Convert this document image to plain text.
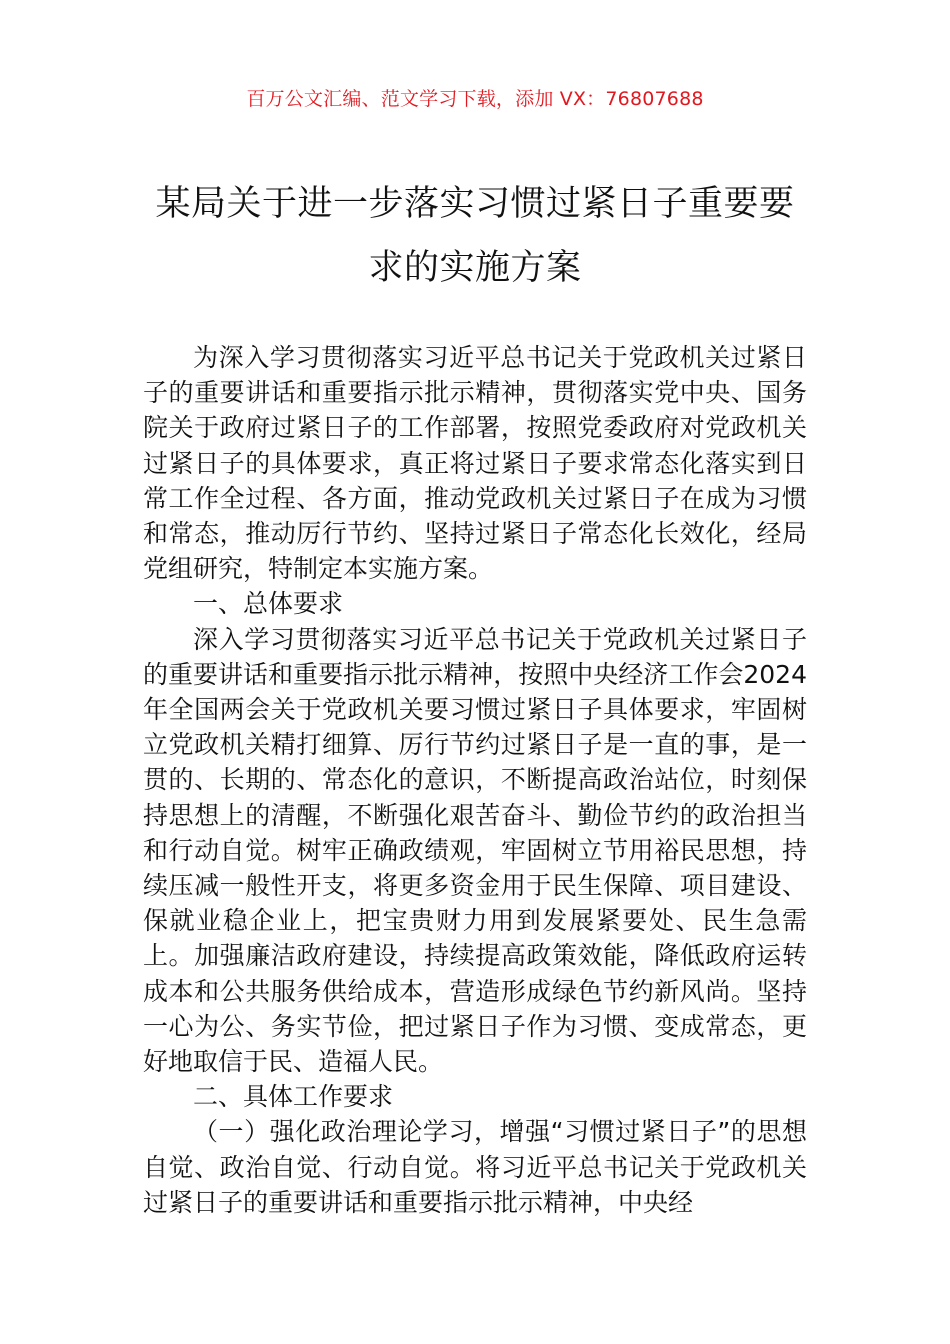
百万公文汇编、范文学习下载，添加 VX：76807688
某局关于进一步落实习惯过紧日子重要要
求的实施方案

为深入学习贯彻落实习近平总书记关于党政机关过紧日子的重要讲话和重要指示批示精神，贯彻落实党中央、国务院关于政府过紧日子的工作部署，按照党委政府对党政机关过紧日子的具体要求，真正将过紧日子要求常态化落实到日常工作全过程、各方面，推动党政机关过紧日子在成为习惯和常态，推动厉行节约、坚持过紧日子常态化长效化，经局党组研究，特制定本实施方案。

一、总体要求

深入学习贯彻落实习近平总书记关于党政机关过紧日子的重要讲话和重要指示批示精神，按照中央经济工作会2024年全国两会关于党政机关要习惯过紧日子具体要求，牢固树立党政机关精打细算、厉行节约过紧日子是一直的事，是一贯的、长期的、常态化的意识，不断提高政治站位，时刻保持思想上的清醒，不断强化艰苦奋斗、勤俭节约的政治担当和行动自觉。树牢正确政绩观，牢固树立节用裕民思想，持续压减一般性开支，将更多资金用于民生保障、项目建设、保就业稳企业上，把宝贵财力用到发展紧要处、民生急需上。加强廉洁政府建设，持续提高政策效能，降低政府运转成本和公共服务供给成本，营造形成绿色节约新风尚。坚持一心为公、务实节俭，把过紧日子作为习惯、变成常态，更好地取信于民、造福人民。

二、具体工作要求

（一）强化政治理论学习，增强“习惯过紧日子”的思想自觉、政治自觉、行动自觉。将习近平总书记关于党政机关过紧日子的重要讲话和重要指示批示精神，中央经
